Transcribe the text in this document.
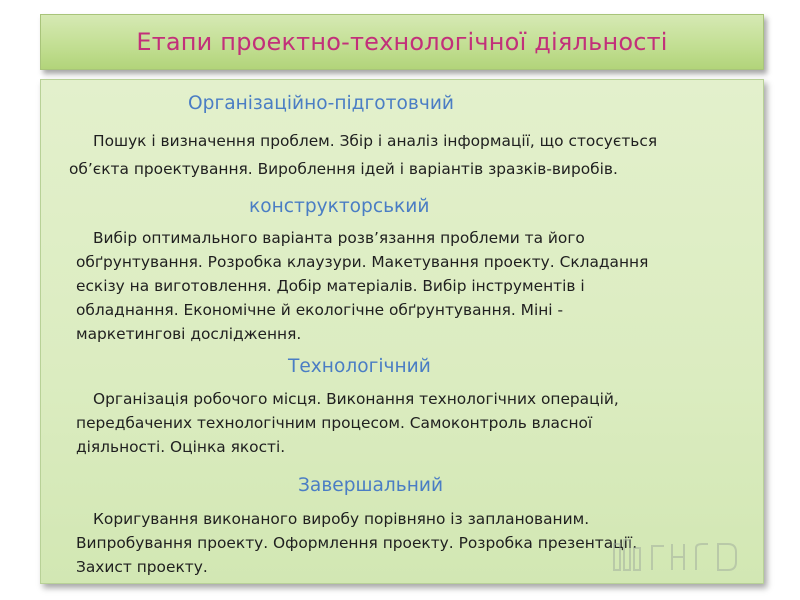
Етапи проектно-технологічної діяльності

Організаційно-підготовчий

Пошук і визначення проблем. Збір і аналіз інформації, що стосується

об’єкта проектування. Вироблення ідей і варіантів зразків-виробів.

конструкторський

Вибір оптимального варіанта розв’язання проблеми та його

обґрунтування. Розробка клаузури. Макетування проекту. Складання

ескізу на виготовлення. Добір матеріалів. Вибір інструментів і

обладнання. Економічне й екологічне обґрунтування. Міні -

маркетингові дослідження.

Технологічний

Організація робочого місця. Виконання технологічних операцій,

передбачених технологічним процесом. Самоконтроль власної

діяльності. Оцінка якості.

Завершальний

Коригування виконаного виробу порівняно із запланованим.

Випробування проекту. Оформлення проекту. Розробка презентації.

Захист проекту.
